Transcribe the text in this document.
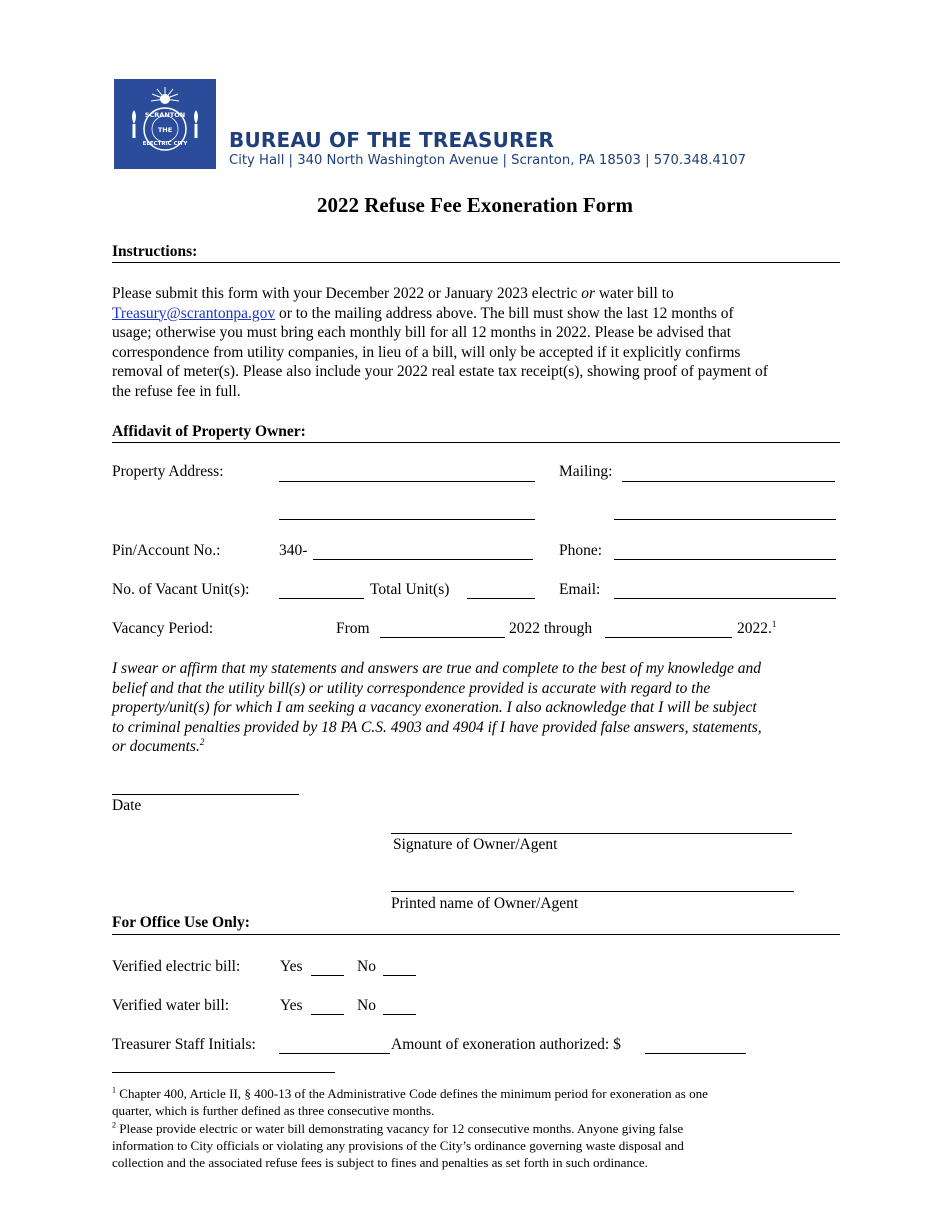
SCRANTON
THE
ELECTRIC CITY BUREAU OF THE TREASURER
City Hall | 340 North Washington Avenue | Scranton, PA 18503 | 570.348.4107
2022 Refuse Fee Exoneration Form
Instructions:
Please submit this form with your December 2022 or January 2023 electric or water bill to
Treasury@scrantonpa.gov or to the mailing address above. The bill must show the last 12 months of
usage; otherwise you must bring each monthly bill for all 12 months in 2022. Please be advised that
correspondence from utility companies, in lieu of a bill, will only be accepted if it explicitly confirms
removal of meter(s). Please also include your 2022 real estate tax receipt(s), showing proof of payment of
the refuse fee in full.
Affidavit of Property Owner:
Property Address:	Mailing:
Pin/Account No.:	340-	Phone:
No. of Vacant Unit(s):	Total Unit(s)	Email:
Vacancy Period:	From	2022 through	2022.$^1$
I swear or affirm that my statements and answers are true and complete to the best of my knowledge and
belief and that the utility bill(s) or utility correspondence provided is accurate with regard to the
property/unit(s) for which I am seeking a vacancy exoneration. I also acknowledge that I will be subject
to criminal penalties provided by 18 PA C.S. 4903 and 4904 if I have provided false answers, statements,
or documents.$^2$
Date
Signature of Owner/Agent
Printed name of Owner/Agent
For Office Use Only:
Verified electric bill:	Yes	No
Verified water bill:	Yes	No
Treasurer Staff Initials:	Amount of exoneration authorized: $
$^1$ Chapter 400, Article II, § 400-13 of the Administrative Code defines the minimum period for exoneration as one
quarter, which is further defined as three consecutive months.
$^2$ Please provide electric or water bill demonstrating vacancy for 12 consecutive months. Anyone giving false
information to City officials or violating any provisions of the City’s ordinance governing waste disposal and
collection and the associated refuse fees is subject to fines and penalties as set forth in such ordinance.
